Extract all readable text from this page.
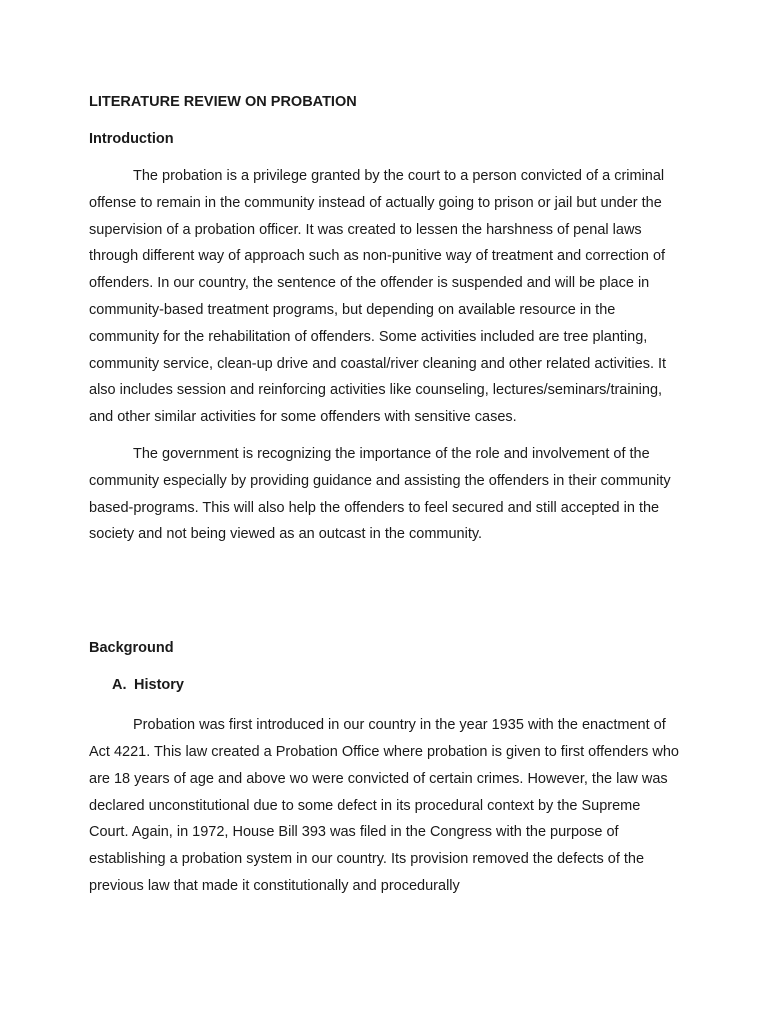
LITERATURE REVIEW ON PROBATION
Introduction

The probation is a privilege granted by the court to a person convicted of a criminal offense to remain in the community instead of actually going to prison or jail but under the supervision of a probation officer. It was created to lessen the harshness of penal laws through different way of approach such as non-punitive way of treatment and correction of offenders. In our country, the sentence of the offender is suspended and will be place in community-based treatment programs, but depending on available resource in the community for the rehabilitation of offenders. Some activities included are tree planting, community service, clean-up drive and coastal/river cleaning and other related activities. It also includes session and reinforcing activities like counseling, lectures/seminars/training, and other similar activities for some offenders with sensitive cases.

The government is recognizing the importance of the role and involvement of the community especially by providing guidance and assisting the offenders in their community based-programs. This will also help the offenders to feel secured and still accepted in the society and not being viewed as an outcast in the community.

Background
A. History

Probation was first introduced in our country in the year 1935 with the enactment of Act 4221. This law created a Probation Office where probation is given to first offenders who are 18 years of age and above wo were convicted of certain crimes. However, the law was declared unconstitutional due to some defect in its procedural context by the Supreme Court. Again, in 1972, House Bill 393 was filed in the Congress with the purpose of establishing a probation system in our country. Its provision removed the defects of the previous law that made it constitutionally and procedurally
